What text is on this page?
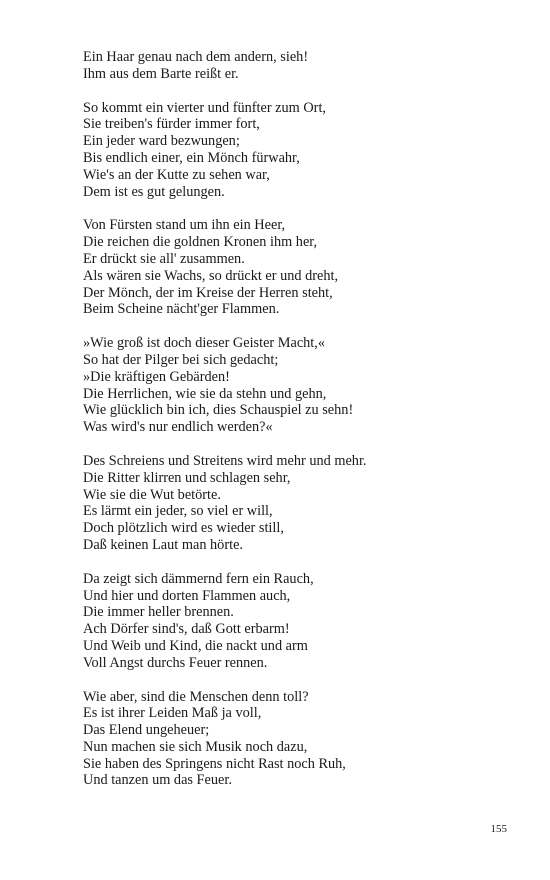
Ein Haar genau nach dem andern, sieh!
Ihm aus dem Barte reißt er.
So kommt ein vierter und fünfter zum Ort,
Sie treiben's fürder immer fort,
Ein jeder ward bezwungen;
Bis endlich einer, ein Mönch fürwahr,
Wie's an der Kutte zu sehen war,
Dem ist es gut gelungen.
Von Fürsten stand um ihn ein Heer,
Die reichen die goldnen Kronen ihm her,
Er drückt sie all' zusammen.
Als wären sie Wachs, so drückt er und dreht,
Der Mönch, der im Kreise der Herren steht,
Beim Scheine nächt'ger Flammen.
»Wie groß ist doch dieser Geister Macht,«
So hat der Pilger bei sich gedacht;
»Die kräftigen Gebärden!
Die Herrlichen, wie sie da stehn und gehn,
Wie glücklich bin ich, dies Schauspiel zu sehn!
Was wird's nur endlich werden?«
Des Schreiens und Streitens wird mehr und mehr.
Die Ritter klirren und schlagen sehr,
Wie sie die Wut betörte.
Es lärmt ein jeder, so viel er will,
Doch plötzlich wird es wieder still,
Daß keinen Laut man hörte.
Da zeigt sich dämmernd fern ein Rauch,
Und hier und dorten Flammen auch,
Die immer heller brennen.
Ach Dörfer sind's, daß Gott erbarm!
Und Weib und Kind, die nackt und arm
Voll Angst durchs Feuer rennen.
Wie aber, sind die Menschen denn toll?
Es ist ihrer Leiden Maß ja voll,
Das Elend ungeheuer;
Nun machen sie sich Musik noch dazu,
Sie haben des Springens nicht Rast noch Ruh,
Und tanzen um das Feuer.
155
